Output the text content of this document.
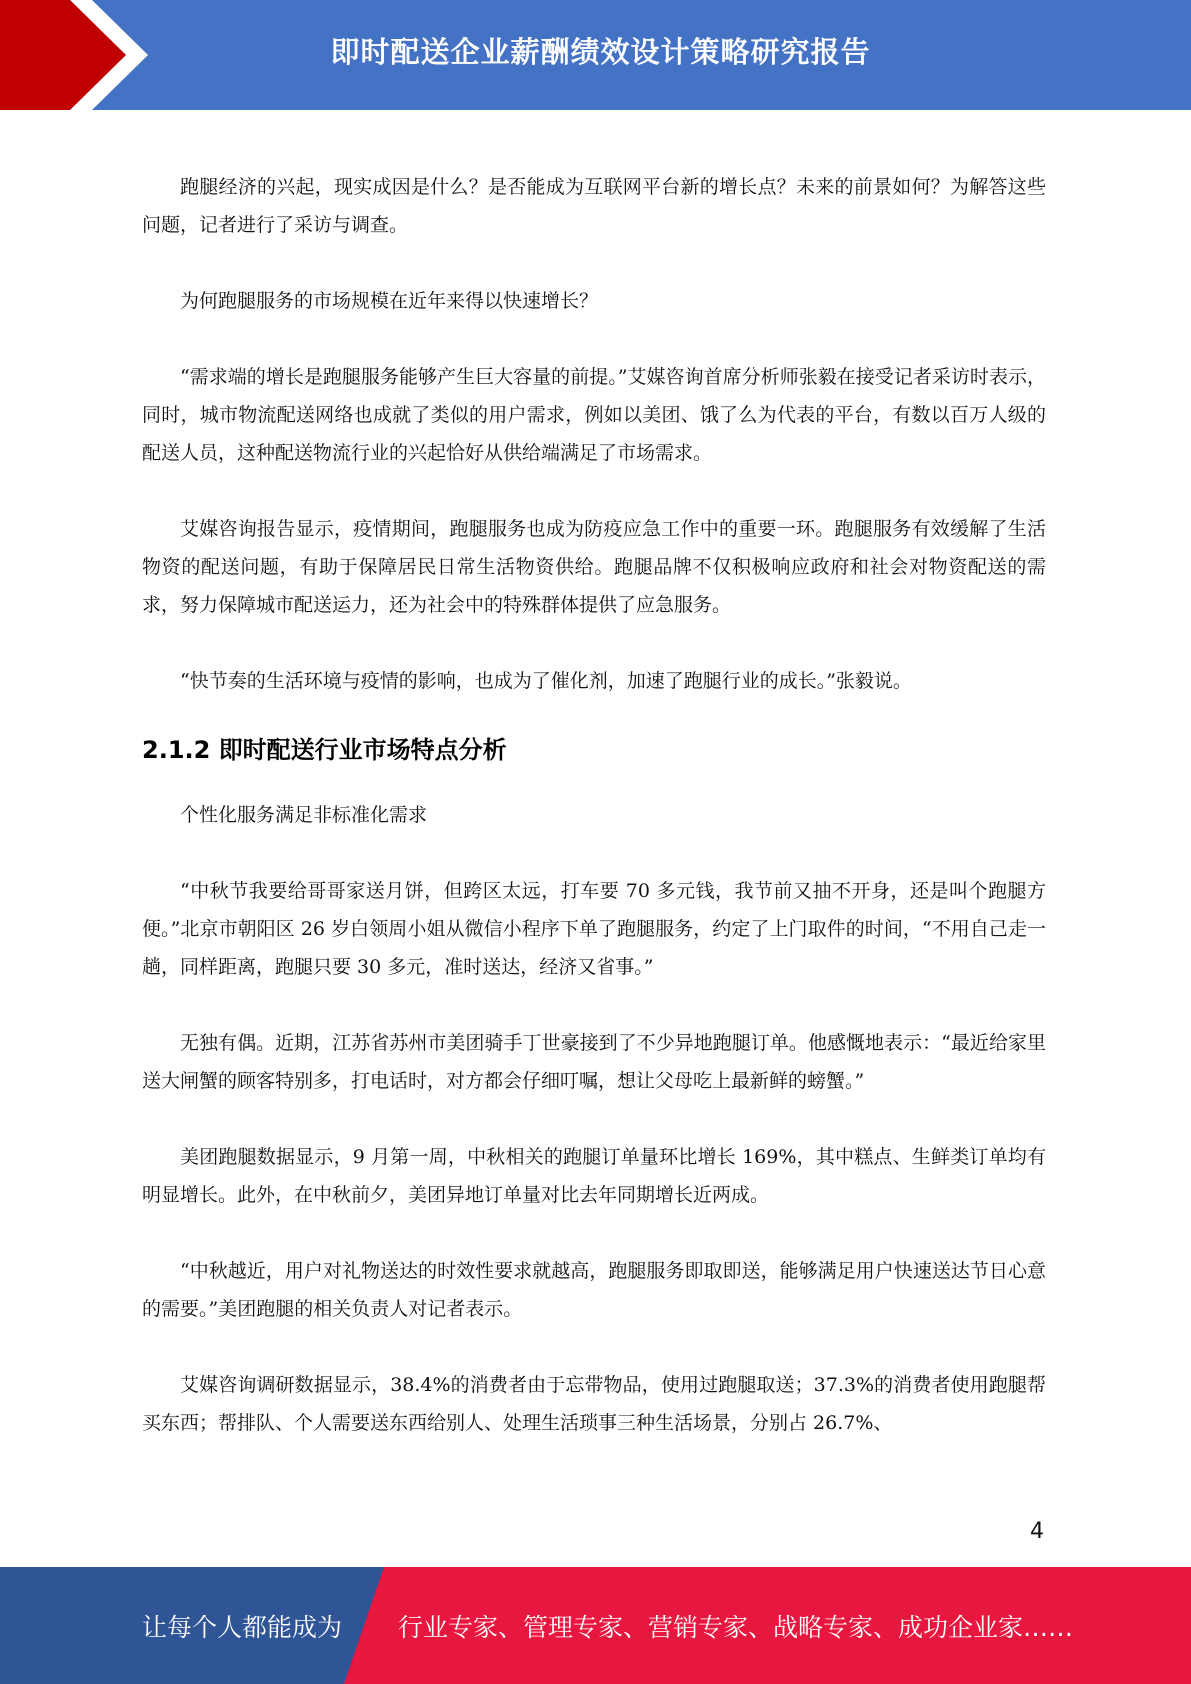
即时配送企业薪酬绩效设计策略研究报告

跑腿经济的兴起，现实成因是什么？是否能成为互联网平台新的增长点？未来的前景如何？为解答这些问题，记者进行了采访与调查。

为何跑腿服务的市场规模在近年来得以快速增长？

“需求端的增长是跑腿服务能够产生巨大容量的前提。”艾媒咨询首席分析师张毅在接受记者采访时表示，同时，城市物流配送网络也成就了类似的用户需求，例如以美团、饿了么为代表的平台，有数以百万人级的配送人员，这种配送物流行业的兴起恰好从供给端满足了市场需求。

艾媒咨询报告显示，疫情期间，跑腿服务也成为防疫应急工作中的重要一环。跑腿服务有效缓解了生活物资的配送问题，有助于保障居民日常生活物资供给。跑腿品牌不仅积极响应政府和社会对物资配送的需求，努力保障城市配送运力，还为社会中的特殊群体提供了应急服务。

“快节奏的生活环境与疫情的影响，也成为了催化剂，加速了跑腿行业的成长。”张毅说。

2.1.2 即时配送行业市场特点分析

个性化服务满足非标准化需求

“中秋节我要给哥哥家送月饼，但跨区太远，打车要 70 多元钱，我节前又抽不开身，还是叫个跑腿方便。”北京市朝阳区 26 岁白领周小姐从微信小程序下单了跑腿服务，约定了上门取件的时间，“不用自己走一趟，同样距离，跑腿只要 30 多元，准时送达，经济又省事。”

无独有偶。近期，江苏省苏州市美团骑手丁世豪接到了不少异地跑腿订单。他感慨地表示：“最近给家里送大闸蟹的顾客特别多，打电话时，对方都会仔细叮嘱，想让父母吃上最新鲜的螃蟹。”

美团跑腿数据显示，9 月第一周，中秋相关的跑腿订单量环比增长 169%，其中糕点、生鲜类订单均有明显增长。此外，在中秋前夕，美团异地订单量对比去年同期增长近两成。

“中秋越近，用户对礼物送达的时效性要求就越高，跑腿服务即取即送，能够满足用户快速送达节日心意的需要。”美团跑腿的相关负责人对记者表示。

艾媒咨询调研数据显示，38.4%的消费者由于忘带物品，使用过跑腿取送；37.3%的消费者使用跑腿帮买东西；帮排队、个人需要送东西给别人、处理生活琐事三种生活场景，分别占 26.7%、

4
让每个人都能成为 行业专家、管理专家、营销专家、战略专家、成功企业家……
